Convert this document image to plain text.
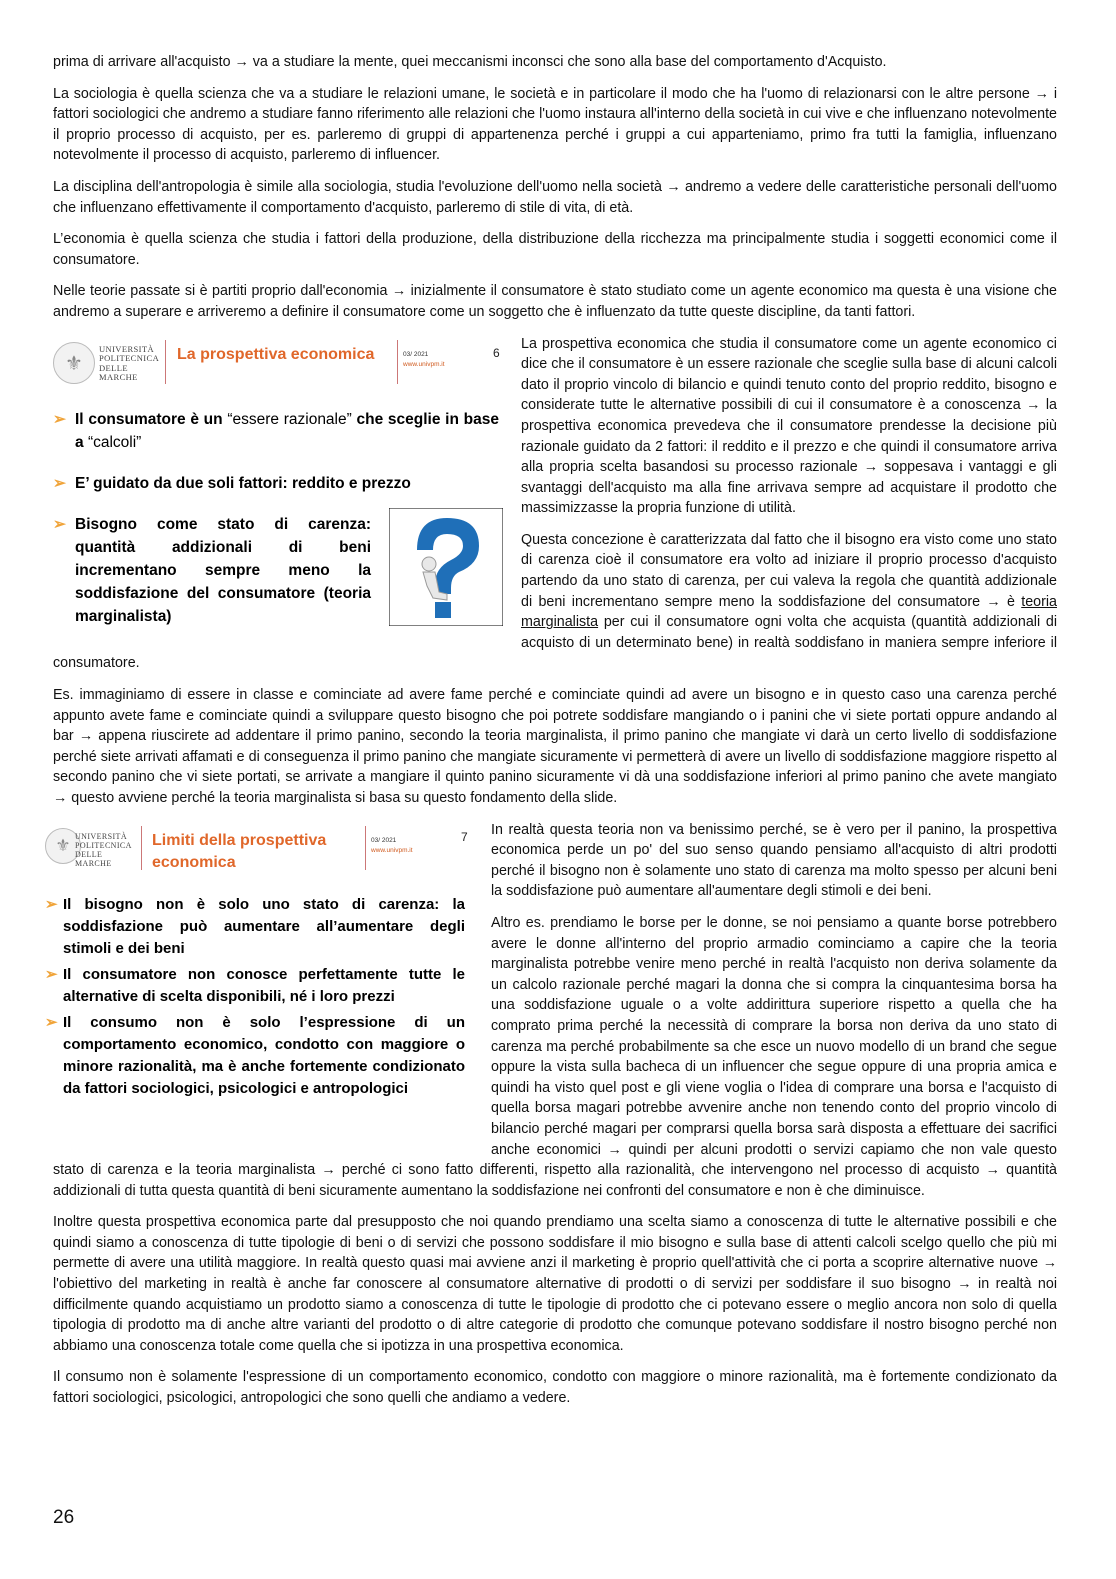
prima di arrivare all'acquisto → va a studiare la mente, quei meccanismi inconsci che sono alla base del comportamento d'Acquisto.

La sociologia è quella scienza che va a studiare le relazioni umane, le società e in particolare il modo che ha l'uomo di relazionarsi con le altre persone → i fattori sociologici che andremo a studiare fanno riferimento alle relazioni che l'uomo instaura all'interno della società in cui vive e che influenzano notevolmente il proprio processo di acquisto, per es. parleremo di gruppi di appartenenza perché i gruppi a cui apparteniamo, primo fra tutti la famiglia, influenzano notevolmente il processo di acquisto, parleremo di influencer.

La disciplina dell'antropologia è simile alla sociologia, studia l'evoluzione dell'uomo nella società → andremo a vedere delle caratteristiche personali dell'uomo che influenzano effettivamente il comportamento d'acquisto, parleremo di stile di vita, di età.

L’economia è quella scienza che studia i fattori della produzione, della distribuzione della ricchezza ma principalmente studia i soggetti economici come il consumatore.

Nelle teorie passate si è partiti proprio dall'economia → inizialmente il consumatore è stato studiato come un agente economico ma questa è una visione che andremo a superare e arriveremo a definire il consumatore come un soggetto che è influenzato da tutte queste discipline, da tanti fattori.

⚜
UNIVERSITÀ POLITECNICA DELLE MARCHE
La prospettiva economica	03/ 2021
www.univpm.it
6
➢ Il consumatore è un “essere razionale” che sceglie in base a “calcoli”
➢ E’ guidato da due soli fattori: reddito e prezzo
➢ Bisogno come stato di carenza: quantità addizionali di beni incrementano sempre meno la soddisfazione del consumatore (teoria marginalista)

La prospettiva economica che studia il consumatore come un agente economico ci dice che il consumatore è un essere razionale che sceglie sulla base di alcuni calcoli dato il proprio vincolo di bilancio e quindi tenuto conto del proprio reddito, bisogno e considerate tutte le alternative possibili di cui il consumatore è a conoscenza → la prospettiva economica prevedeva che il consumatore prendesse la decisione più razionale guidato da 2 fattori: il reddito e il prezzo e che quindi il consumatore arriva alla propria scelta basandosi su processo razionale → soppesava i vantaggi e gli svantaggi dell'acquisto ma alla fine arrivava sempre ad acquistare il prodotto che massimizzasse la propria funzione di utilità.

Questa concezione è caratterizzata dal fatto che il bisogno era visto come uno stato di carenza cioè il consumatore era volto ad iniziare il proprio processo d'acquisto partendo da uno stato di carenza, per cui valeva la regola che quantità addizionale di beni incrementano sempre meno la soddisfazione del consumatore → è teoria marginalista per cui il consumatore ogni volta che acquista (quantità addizionali di acquisto di un determinato bene) in realtà soddisfano in maniera sempre inferiore il consumatore.

Es. immaginiamo di essere in classe e cominciate ad avere fame perché e cominciate quindi ad avere un bisogno e in questo caso una carenza perché appunto avete fame e cominciate quindi a sviluppare questo bisogno che poi potrete soddisfare mangiando o i panini che vi siete portati oppure andando al bar → appena riuscirete ad addentare il primo panino, secondo la teoria marginalista, il primo panino che mangiate vi darà un certo livello di soddisfazione perché siete arrivati affamati e di conseguenza il primo panino che mangiate sicuramente vi permetterà di avere un livello di soddisfazione maggiore rispetto al secondo panino che vi siete portati, se arrivate a mangiare il quinto panino sicuramente vi dà una soddisfazione inferiori al primo panino che avete mangiato → questo avviene perché la teoria marginalista si basa su questo fondamento della slide.

⚜ UNIVERSITÀ POLITECNICA DELLE MARCHE
Limiti della prospettiva economica
03/ 2021
www.univpm.it
7
➢ Il bisogno non è solo uno stato di carenza: la soddisfazione può aumentare all’aumentare degli stimoli e dei beni
➢ Il consumatore non conosce perfettamente tutte le alternative di scelta disponibili, né i loro prezzi
➢ Il consumo non è solo l’espressione di un comportamento economico, condotto con maggiore o minore razionalità, ma è anche fortemente condizionato da fattori sociologici, psicologici e antropologici

In realtà questa teoria non va benissimo perché, se è vero per il panino, la prospettiva economica perde un po' del suo senso quando pensiamo all'acquisto di altri prodotti perché il bisogno non è solamente uno stato di carenza ma molto spesso per alcuni beni la soddisfazione può aumentare all'aumentare degli stimoli e dei beni.

Altro es. prendiamo le borse per le donne, se noi pensiamo a quante borse potrebbero avere le donne all'interno del proprio armadio cominciamo a capire che la teoria marginalista potrebbe venire meno perché in realtà l'acquisto non deriva solamente da un calcolo razionale perché magari la donna che si compra la cinquantesima borsa ha una soddisfazione uguale o a volte addirittura superiore rispetto a quella che ha comprato prima perché la necessità di comprare la borsa non deriva da uno stato di carenza ma perché probabilmente sa che esce un nuovo modello di un brand che segue oppure la vista sulla bacheca di un influencer che segue oppure di una propria amica e quindi ha visto quel post e gli viene voglia o l'idea di comprare una borsa e l'acquisto di quella borsa magari potrebbe avvenire anche non tenendo conto del proprio vincolo di bilancio perché magari per comprarsi quella borsa sarà disposta a effettuare dei sacrifici anche economici → quindi per alcuni prodotti o servizi capiamo che non vale questo stato di carenza e la teoria marginalista → perché ci sono fatto differenti, rispetto alla razionalità, che intervengono nel processo di acquisto → quantità addizionali di tutta questa quantità di beni sicuramente aumentano la soddisfazione nei confronti del consumatore e non è che diminuisce.

Inoltre questa prospettiva economica parte dal presupposto che noi quando prendiamo una scelta siamo a conoscenza di tutte le alternative possibili e che quindi siamo a conoscenza di tutte tipologie di beni o di servizi che possono soddisfare il mio bisogno e sulla base di attenti calcoli scelgo quello che più mi permette di avere una utilità maggiore. In realtà questo quasi mai avviene anzi il marketing è proprio quell'attività che ci porta a scoprire alternative nuove → l'obiettivo del marketing in realtà è anche far conoscere al consumatore alternative di prodotti o di servizi per soddisfare il suo bisogno → in realtà noi difficilmente quando acquistiamo un prodotto siamo a conoscenza di tutte le tipologie di prodotto che ci potevano essere o meglio ancora non solo di quella tipologia di prodotto ma di anche altre varianti del prodotto o di altre categorie di prodotto che comunque potevano soddisfare il nostro bisogno perché non abbiamo una conoscenza totale come quella che si ipotizza in una prospettiva economica.

Il consumo non è solamente l'espressione di un comportamento economico, condotto con maggiore o minore razionalità, ma è fortemente condizionato da fattori sociologici, psicologici, antropologici che sono quelli che andiamo a vedere.

26
